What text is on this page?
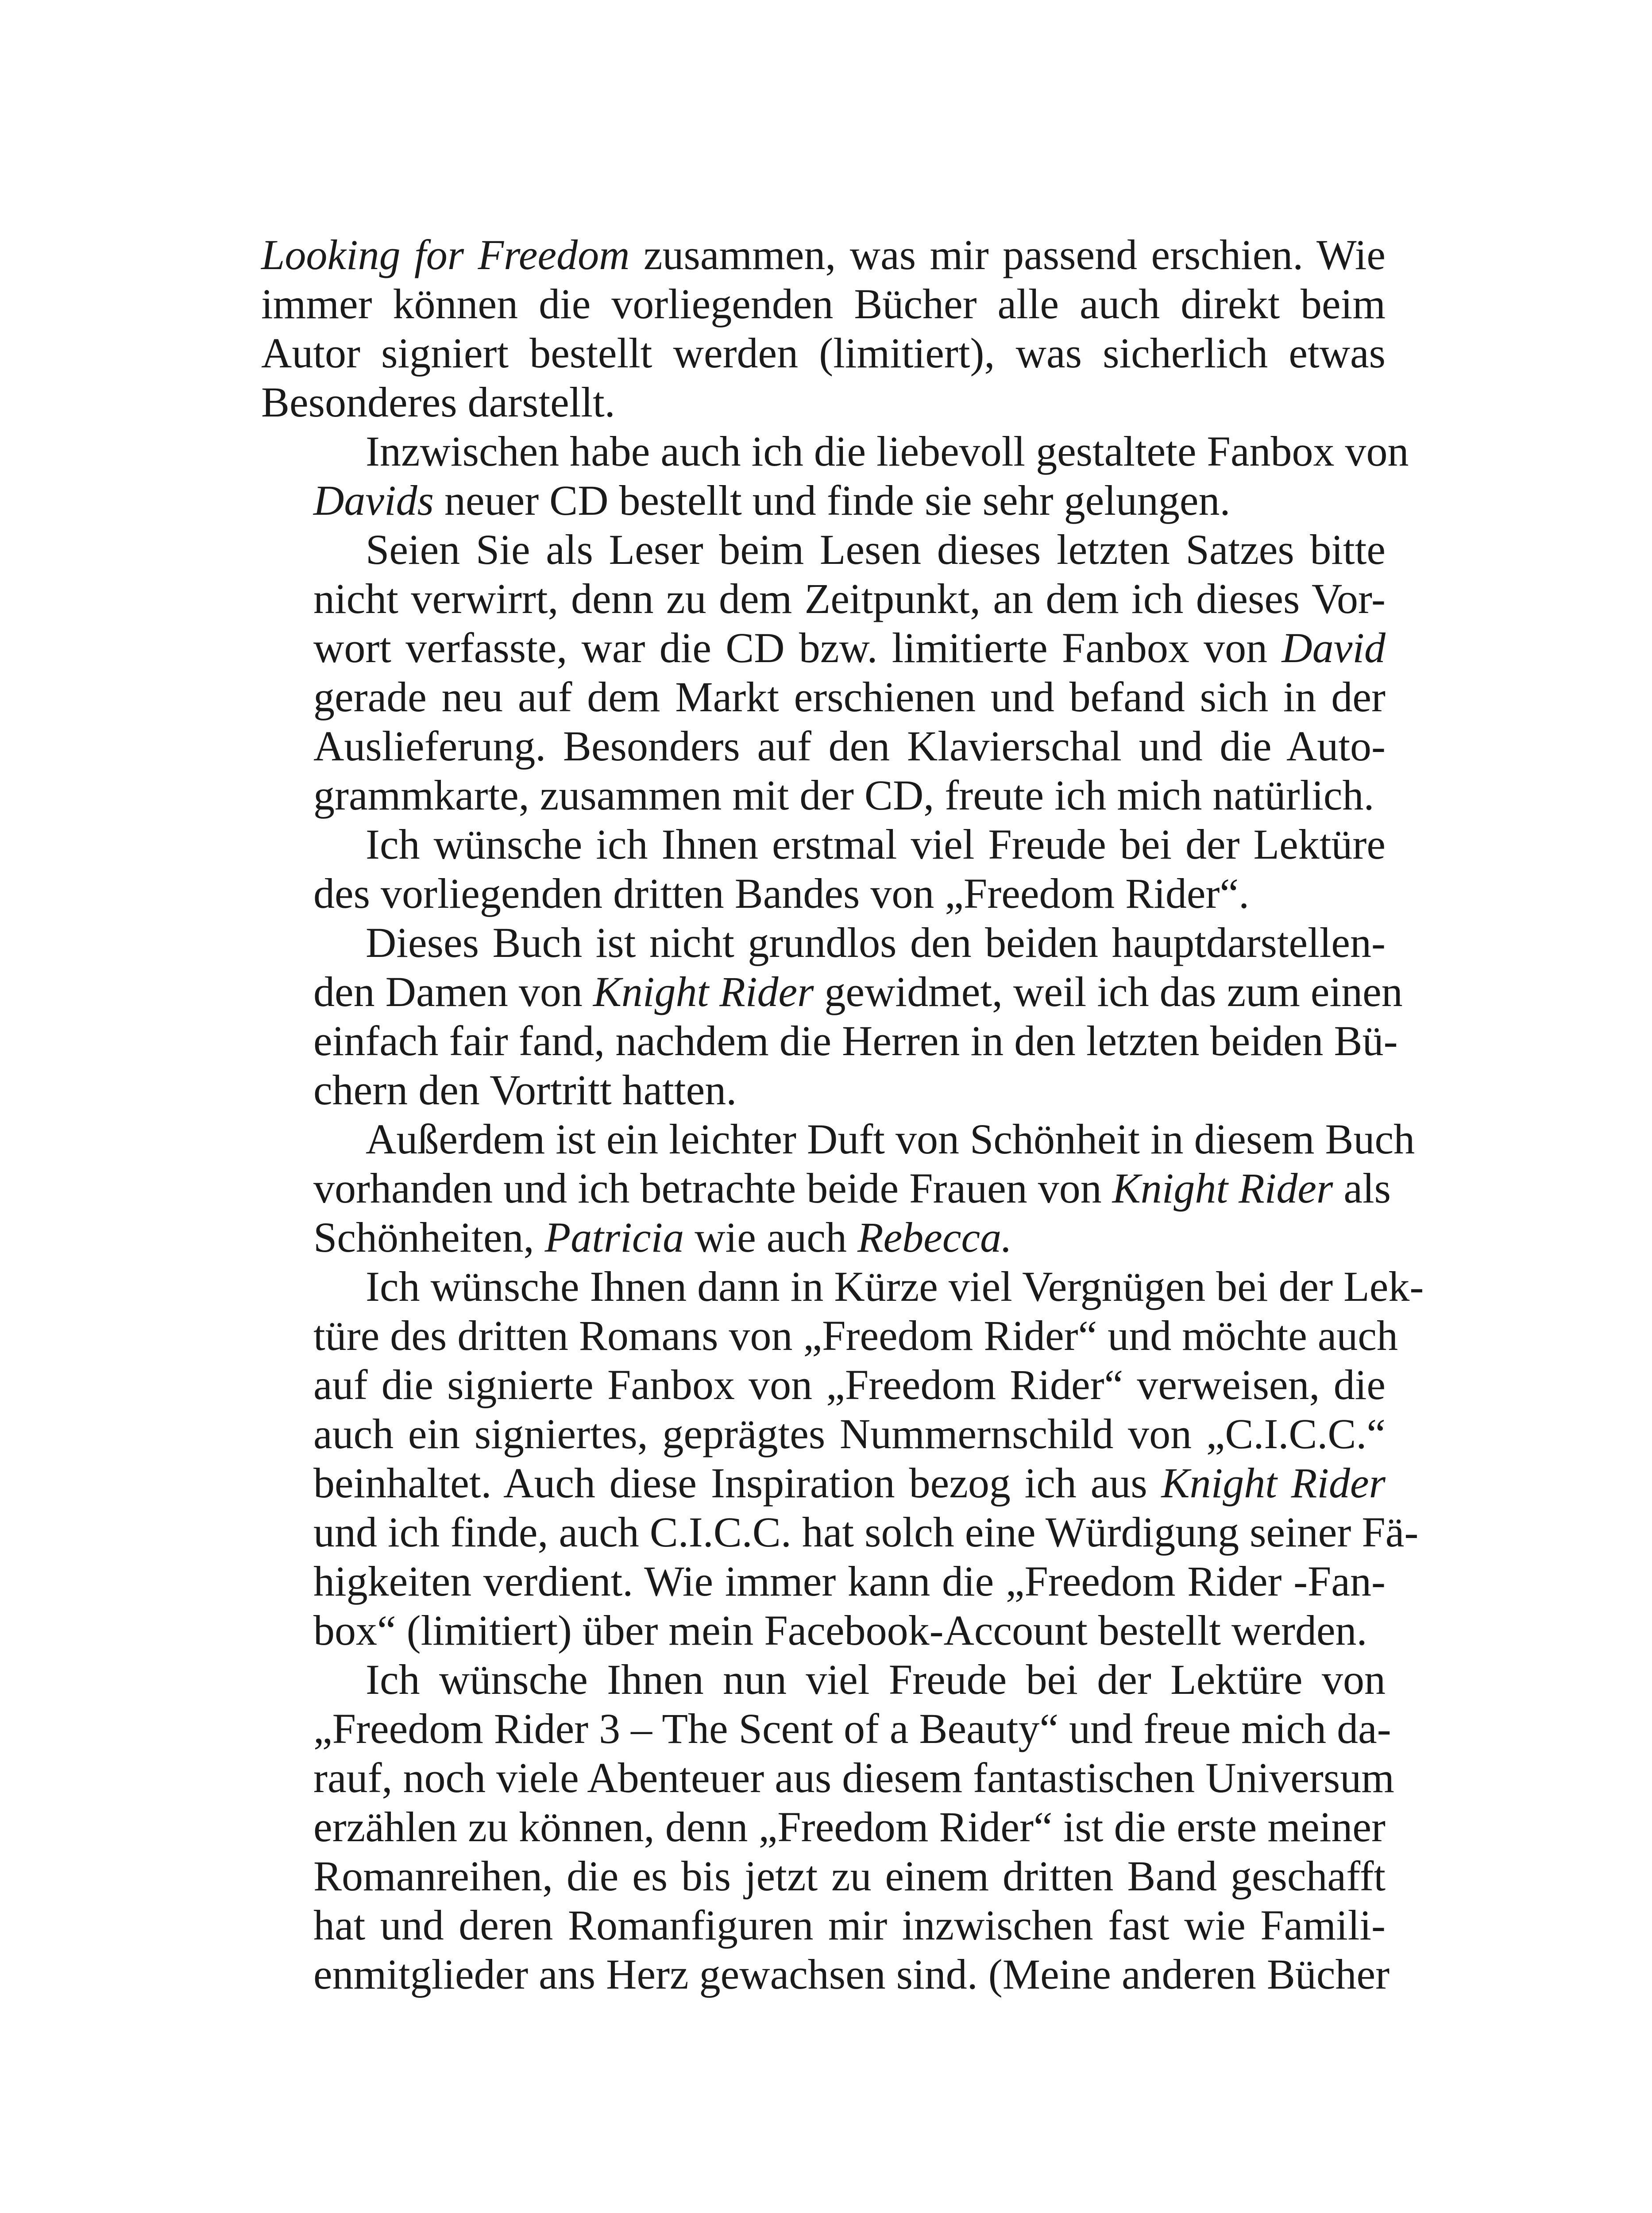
Looking for Freedom zusammen, was mir passend erschien. Wie
immer können die vorliegenden Bücher alle auch direkt beim
Autor signiert bestellt werden (limitiert), was sicherlich etwas
Besonderes darstellt.
Inzwischen habe auch ich die liebevoll gestaltete Fanbox von
Davids neuer CD bestellt und finde sie sehr gelungen.
Seien Sie als Leser beim Lesen dieses letzten Satzes bitte
nicht verwirrt, denn zu dem Zeitpunkt, an dem ich dieses Vor-
wort verfasste, war die CD bzw. limitierte Fanbox von David
gerade neu auf dem Markt erschienen und befand sich in der
Auslieferung. Besonders auf den Klavierschal und die Auto-
grammkarte, zusammen mit der CD, freute ich mich natürlich.
Ich wünsche ich Ihnen erstmal viel Freude bei der Lektüre
des vorliegenden dritten Bandes von „Freedom Rider“.
Dieses Buch ist nicht grundlos den beiden hauptdarstellen-
den Damen von Knight Rider gewidmet, weil ich das zum einen
einfach fair fand, nachdem die Herren in den letzten beiden Bü-
chern den Vortritt hatten.
Außerdem ist ein leichter Duft von Schönheit in diesem Buch
vorhanden und ich betrachte beide Frauen von Knight Rider als
Schönheiten, Patricia wie auch Rebecca.
Ich wünsche Ihnen dann in Kürze viel Vergnügen bei der Lek-
türe des dritten Romans von „Freedom Rider“ und möchte auch
auf die signierte Fanbox von „Freedom Rider“ verweisen, die
auch ein signiertes, geprägtes Nummernschild von „C.I.C.C.“
beinhaltet. Auch diese Inspiration bezog ich aus Knight Rider
und ich finde, auch C.I.C.C. hat solch eine Würdigung seiner Fä-
higkeiten verdient. Wie immer kann die „Freedom Rider -Fan-
box“ (limitiert) über mein Facebook-Account bestellt werden.
Ich wünsche Ihnen nun viel Freude bei der Lektüre von
„Freedom Rider 3 – The Scent of a Beauty“ und freue mich da-
rauf, noch viele Abenteuer aus diesem fantastischen Universum
erzählen zu können, denn „Freedom Rider“ ist die erste meiner
Romanreihen, die es bis jetzt zu einem dritten Band geschafft
hat und deren Romanfiguren mir inzwischen fast wie Famili-
enmitglieder ans Herz gewachsen sind. (Meine anderen Bücher
